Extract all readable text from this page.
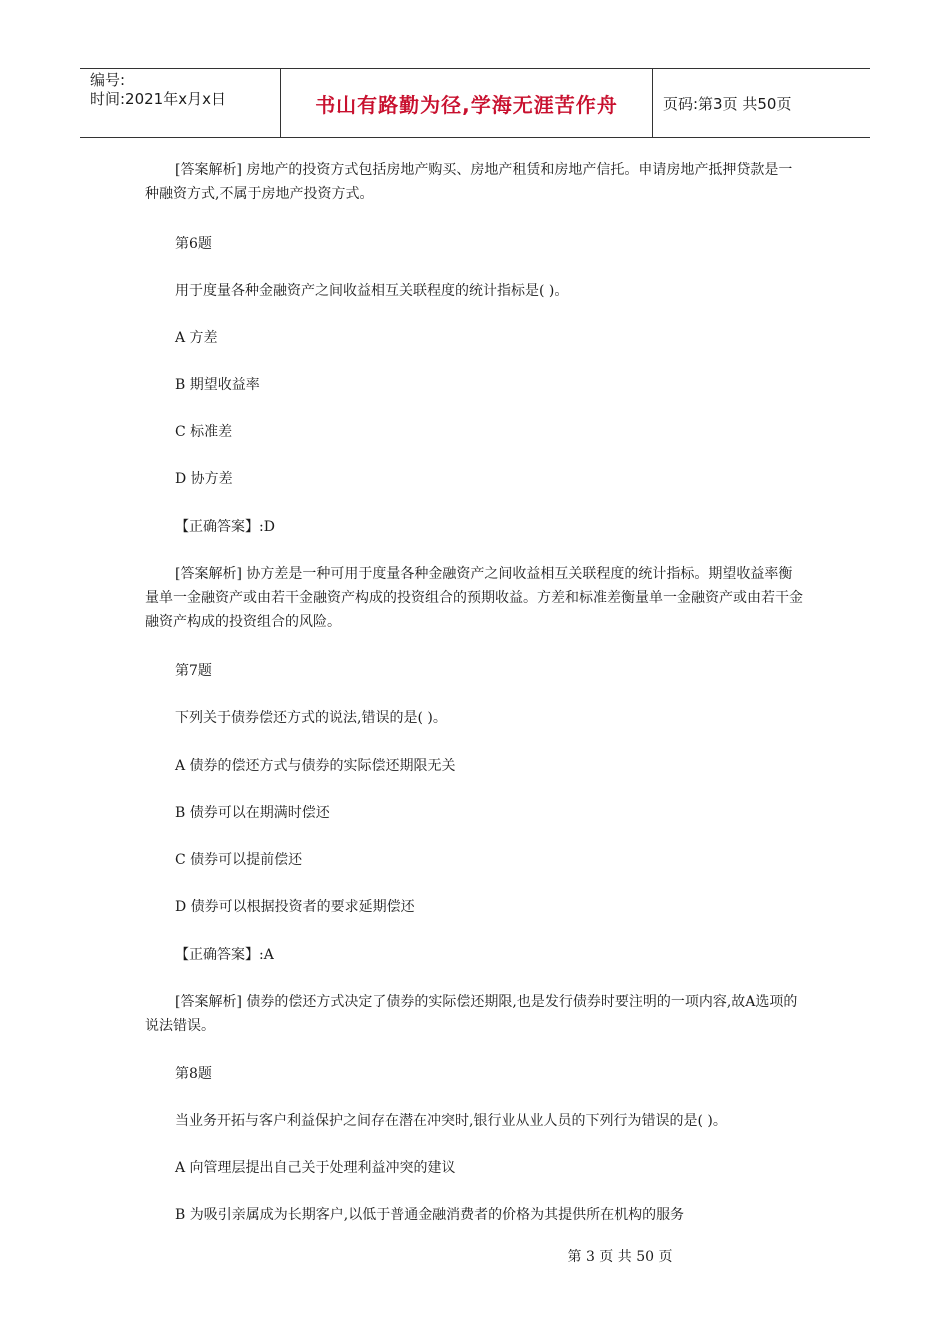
编号:
时间:2021年x月x日	书山有路勤为径,学海无涯苦作舟	页码:第3页 共50页

[答案解析] 房地产的投资方式包括房地产购买、房地产租赁和房地产信托。申请房地产抵押贷款是一种融资方式,不属于房地产投资方式。

第6题

用于度量各种金融资产之间收益相互关联程度的统计指标是( )。

A 方差

B 期望收益率

C 标准差

D 协方差

【正确答案】:D

[答案解析] 协方差是一种可用于度量各种金融资产之间收益相互关联程度的统计指标。期望收益率衡量单一金融资产或由若干金融资产构成的投资组合的预期收益。方差和标准差衡量单一金融资产或由若干金融资产构成的投资组合的风险。

第7题

下列关于债券偿还方式的说法,错误的是( )。

A 债券的偿还方式与债券的实际偿还期限无关

B 债券可以在期满时偿还

C 债券可以提前偿还

D 债券可以根据投资者的要求延期偿还

【正确答案】:A

[答案解析] 债券的偿还方式决定了债券的实际偿还期限,也是发行债券时要注明的一项内容,故A选项的说法错误。

第8题

当业务开拓与客户利益保护之间存在潜在冲突时,银行业从业人员的下列行为错误的是( )。

A 向管理层提出自己关于处理利益冲突的建议

B 为吸引亲属成为长期客户,以低于普通金融消费者的价格为其提供所在机构的服务

第 3 页 共 50 页
